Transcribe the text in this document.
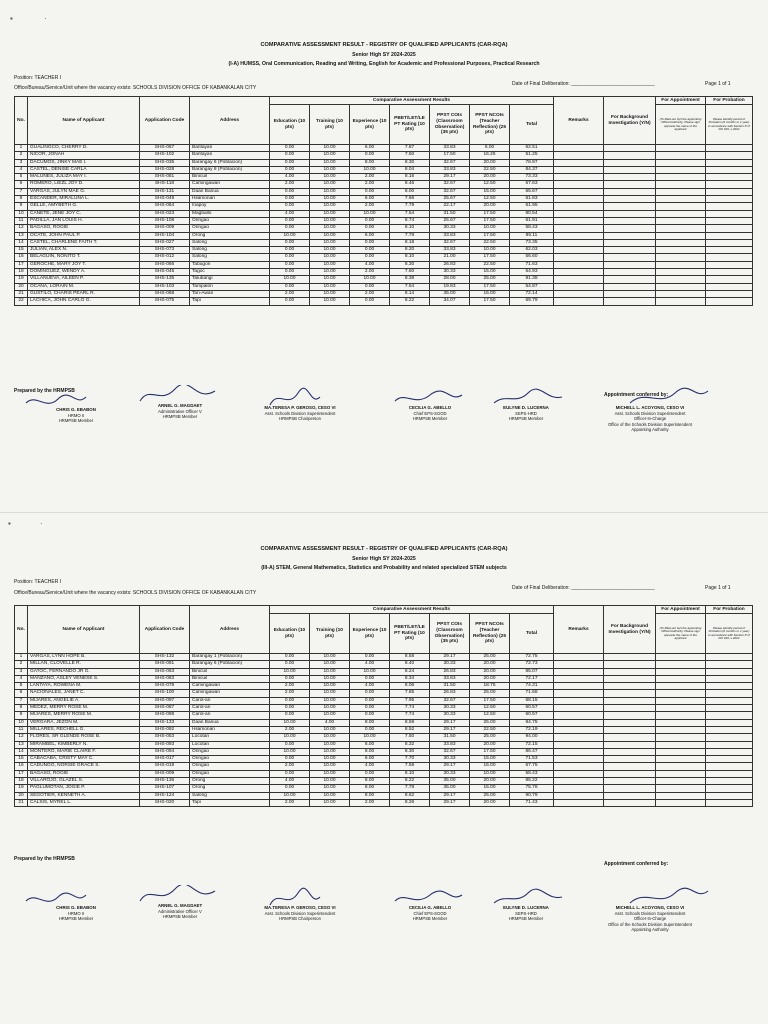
▪	·
COMPARATIVE ASSESSMENT RESULT - REGISTRY OF QUALIFIED APPLICANTS (CAR-RQA)
Senior High SY 2024-2025
(I-A) HUMSS, Oral Communication, Reading and Writing, English for Academic and Professional Purposes, Practical Research
Position: TEACHER I
Office/Bureau/Service/Unit where the vacancy exists: SCHOOLS DIVISION OFFICE OF KABANKALAN CITY
Date of Final Deliberation: ______________________________	Page 1 of 1
No.	Name of Applicant	Application Code	Address	Comparative Assessment Results							Remarks	For Background Investigation (Y/N)	For Appointment	For Probation
				Education (10 pts)	Training (10 pts)	Experience (10 pts)	PBET/LET/LE PT Rating (10 pts)	PPST COIs (Classroom Observation) (35 pts)	PPST NCOIs (Teacher Reflection) (25 pts)	Total			(To filled-out by/t the appointing Officer/Authority; Please sign opposite the name of the applicant	Please identify period of Probation (6 months or 1 year) in accordance with Section P of DO 019, s.2022
1	GUALINGCO, CHERRY D.	SHS-067	Bantayan	0.00	10.00	6.00	7.67	33.83	5.00	62.51				
2	NICOR, JONAH	SHS-102	Bantayan	0.00	10.00	0.00	7.50	17.50	16.25	51.25				
3	DACUMOS, JINKY MAE I.	SHS-035	Barangay 6 (Poblacion)	0.00	10.00	8.00	8.30	32.67	20.00	78.97				
4	CASTEL, DENISE CARLA	SHS-028	Barangay 8 (Poblacion)	0.00	10.00	10.00	8.04	33.83	22.50	84.37				
5	MALUNES, JULIZA MAY I.	SHS-081	Binicuil	4.00	10.00	2.00	8.16	29.17	20.00	73.33				
6	ROMERO, LIEZL JOY D.	SHS-118	Camingawan	2.00	10.00	2.00	8.46	32.67	12.50	67.63				
7	VARGAS, JULYN MAE G.	SHS-131	Daan Banua	0.00	10.00	0.00	8.00	32.67	15.00	65.67				
8	ESCANDER, MIRALUNA L.	SHS-049	Hilamonan	0.00	10.00	6.00	7.66	25.67	12.50	61.83				
9	GELLE, AMYBETH G.	SHS-064	Inapoy	0.00	10.00	2.00	7.79	22.17	20.00	61.95				
10	CAÑETE, JENE JOY C.	SHS-023	Magballo	4.00	10.00	10.00	7.54	31.50	17.50	80.54				
11	PADILLA, JAN LOUIS H.	SHS-108	Oringao	0.00	10.00	0.00	8.74	25.67	17.50	61.91				
12	BAGASO, ROGIE	SHS-009	Oringao	0.00	10.00	0.00	8.10	30.33	10.00	58.43				
13	OCATE, JOHN PAUL P.	SHS-104	Orong	10.00	10.00	6.00	7.78	33.83	17.50	85.11				
14	CASTEL, CHARLENE FAITH T.	SHS-027	Salong	0.00	10.00	0.00	8.18	32.67	22.50	73.35				
15	JULIAN, ALEX N.	SHS-073	Salong	0.00	10.00	0.00	8.20	33.83	10.00	62.03				
16	BELAGUIN, NONITO T.	SHS-012	Salong	0.00	10.00	0.00	8.10	21.00	17.50	56.60				
17	GEROCHE, MARY JOY T.	SHS-066	Tabugon	0.00	10.00	4.00	8.30	26.83	22.50	71.63				
18	DOMINGUEZ, WENDY A.	SHS-045	Tagoc	0.00	10.00	2.00	7.60	30.33	15.00	64.93				
19	VILLANUEVA, AILEEN P.	SHS-135	Talubangi	10.00	10.00	10.00	8.38	28.00	25.00	91.38				
20	OCANA, LORAIN M.	SHS-103	Tampalon	0.00	10.00	0.00	7.54	19.83	17.50	54.87				
21	GUSTILO, CHARIS PEARL R.	SHS-068	Tan-Awan	2.00	10.00	2.00	8.14	35.00	15.00	72.14				
22	LACHICA, JOHN CARLO G.	SHS-075	Tapi	0.00	10.00	0.00	8.22	34.07	17.50	69.79				
Prepared by the HRMPSB
Appointment conferred by:
CHRIS G. EBABON
HRMO II
HRMPSB Member
ARNEL G. MAGDAET
Administrative Officer V
HRMPSB Member
MA.TERESA P. GEROSO, CESO VI
Asst. Schools Division Superintendent
HRMPSB Chairperson
CECILIA G. ABELLO
Chief EPS-SGOD
HRMPSB Member
EULYNE D. LUCERNA
SEPS-HRD
HRMPSB Member
MICHELL L. ACOYONG, CESO VI
Asst. Schools Division Superintendent
Officer-In-Charge
Office of the Schools Division Superintendent
Appointing Authority
▪	·
COMPARATIVE ASSESSMENT RESULT - REGISTRY OF QUALIFIED APPLICANTS (CAR-RQA)
Senior High SY 2024-2025
(III-A) STEM, General Mathematics, Statistics and Probability and related specialized STEM subjects
Position: TEACHER I
Office/Bureau/Service/Unit where the vacancy exists: SCHOOLS DIVISION OFFICE OF KABANKALAN CITY
Date of Final Deliberation: ______________________________	Page 1 of 1
No.	Name of Applicant	Application Code	Address	Comparative Assessment Results							Remarks	For Background Investigation (Y/N)	For Appointment	For Probation
				Education (10 pts)	Training (10 pts)	Experience (10 pts)	PBET/LET/LE PT Rating (10 pts)	PPST COIs (Classroom Observation) (35 pts)	PPST NCOIs (Teacher Reflection) (25 pts)	Total			(To filled-out by/t the appointing Officer/Authority; Please sign opposite the name of the applicant	Please identify period of Probation (6 months or 1 year) in accordance with Section P of DO 019, s.2022
1	VARGAS, LYNN HOPE B.	SHS-132	Barangay 1 (Poblacion)	0.00	10.00	0.00	8.58	29.17	25.00	72.75				
2	MILLAN, CLOVELLE R.	SHS-091	Barangay 6 (Poblacion)	0.00	10.00	4.00	8.40	30.33	20.00	72.73				
3	GATOC, FERNANDO JR G.	SHS-063	Binicuil	10.00	10.00	10.00	8.24	26.83	20.00	85.07				
4	MANZANO, ASLEY VENESE S.	SHS-083	Binicuil	0.00	10.00	0.00	8.34	33.83	20.00	72.17				
5	LANTAYA, ROWENA M.	SHS-078	Camingawan	2.00	10.00	4.00	8.06	31.50	18.75	74.31				
6	NACIONALES, JANET C.	SHS-100	Camingawan	2.00	10.00	0.00	7.85	26.83	25.00	71.68				
7	MIJARES, ANGELIE A.	SHS-097	Carol-an	0.00	10.00	0.00	7.95	32.67	17.50	68.15				
8	MEDEZ, MERRY ROSE M.	SHS-087	Carol-an	0.00	10.00	0.00	7.74	30.33	12.50	60.57				
9	MIJARES, MERRY ROSE M.	SHS-098	Carol-an	0.00	10.00	0.00	7.74	30.33	12.50	60.57				
10	VERGARA, JEZON M.	SHS-133	Daan Banua	10.00	4.00	8.00	8.58	29.17	25.00	84.75				
11	MILLARES, RECHELL G.	SHS-092	Hilamonan	2.00	10.00	0.00	8.52	29.17	22.50	72.19				
12	FLORES, SR GLENDE ROSE B.	SHS-053	Locotan	10.00	10.00	10.00	7.50	31.50	25.00	94.00				
13	MIRAMBEL, KIMBERLY N.	SHS-093	Locotan	0.00	10.00	6.00	8.32	33.83	20.00	72.15				
14	MONTERO, MARIE CLAIRE F.	SHS-094	Oringao	10.00	10.00	8.00	8.30	32.67	17.50	86.47				
15	CABACABA, CRISTY MAY C.	SHS-017	Oringao	0.00	10.00	6.00	7.70	30.33	15.00	71.53				
16	CADUNGO, NORSIE GRACE S.	SHS-019	Oringao	2.00	10.00	4.00	7.58	29.17	15.00	67.75				
17	BAGASO, ROGIE	SHS-009	Oringao	0.00	10.00	0.00	8.10	30.33	10.00	58.43				
18	VILLAROJO, GLAZEL S.	SHS-136	Orong	4.00	10.00	8.00	8.22	35.00	20.00	85.22				
19	PAGLUMOTAN, JOGIE P.	SHS-107	Orong	0.00	10.00	8.00	7.78	35.00	15.00	75.78				
20	SEGOTIER, KENNETH A.	SHS-124	Salong	10.00	10.00	8.00	8.62	29.17	25.00	90.79				
21	CALSIS, MYREL L.	SHS-020	Tapi	2.00	10.00	2.00	8.26	29.17	20.00	71.43				
Prepared by the HRMPSB
Appointment conferred by:
CHRIS G. EBABON
HRMO II
HRMPSB Member
ARNEL G. MAGDAET
Administrative Officer V
HRMPSB Member
MA.TERESA P. GEROSO, CESO VI
Asst. Schools Division Superintendent
HRMPSB Chairperson
CECILIA G. ABELLO
Chief EPS-SGOD
HRMPSB Member
EULYNE D. LUCERNA
SEPS-HRD
HRMPSB Member
MICHELL L. ACOYONG, CESO VI
Asst. Schools Division Superintendent
Officer-In-Charge
Office of the Schools Division Superintendent
Appointing Authority
